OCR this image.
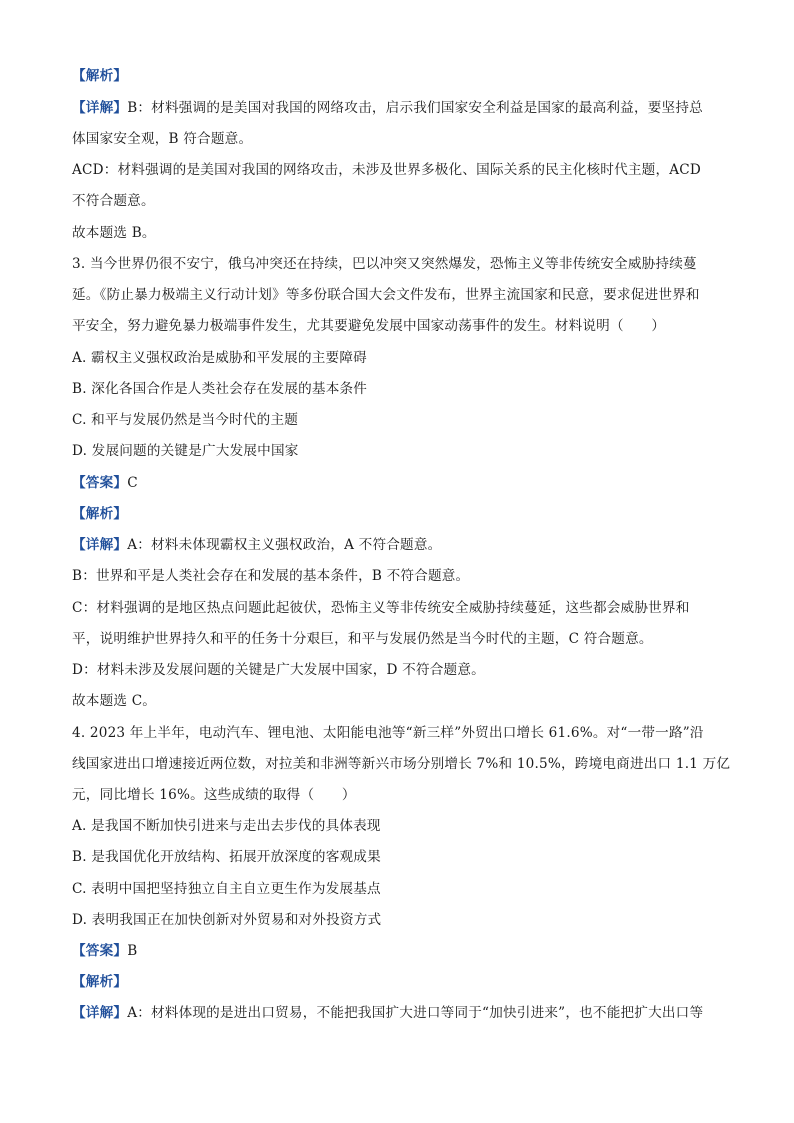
【解析】
【详解】B：材料强调的是美国对我国的网络攻击，启示我们国家安全利益是国家的最高利益，要坚持总
体国家安全观，B 符合题意。
ACD：材料强调的是美国对我国的网络攻击，未涉及世界多极化、国际关系的民主化核时代主题，ACD
不符合题意。
故本题选 B。
3. 当今世界仍很不安宁，俄乌冲突还在持续，巴以冲突又突然爆发，恐怖主义等非传统安全威胁持续蔓
延。《防止暴力极端主义行动计划》等多份联合国大会文件发布，世界主流国家和民意，要求促进世界和
平安全，努力避免暴力极端事件发生，尤其要避免发展中国家动荡事件的发生。材料说明（　　）
A. 霸权主义强权政治是威胁和平发展的主要障碍
B. 深化各国合作是人类社会存在发展的基本条件
C. 和平与发展仍然是当今时代的主题
D. 发展问题的关键是广大发展中国家
【答案】C
【解析】
【详解】A：材料未体现霸权主义强权政治，A 不符合题意。
B：世界和平是人类社会存在和发展的基本条件，B 不符合题意。
C：材料强调的是地区热点问题此起彼伏，恐怖主义等非传统安全威胁持续蔓延，这些都会威胁世界和
平，说明维护世界持久和平的任务十分艰巨，和平与发展仍然是当今时代的主题，C 符合题意。
D：材料未涉及发展问题的关键是广大发展中国家，D 不符合题意。
故本题选 C。
4. 2023 年上半年，电动汽车、锂电池、太阳能电池等“新三样”外贸出口增长 61.6%。对“一带一路”沿
线国家进出口增速接近两位数，对拉美和非洲等新兴市场分别增长 7%和 10.5%，跨境电商进出口 1.1 万亿
元，同比增长 16%。这些成绩的取得（　　）
A. 是我国不断加快引进来与走出去步伐的具体表现
B. 是我国优化开放结构、拓展开放深度的客观成果
C. 表明中国把坚持独立自主自立更生作为发展基点
D. 表明我国正在加快创新对外贸易和对外投资方式
【答案】B
【解析】
【详解】A：材料体现的是进出口贸易，不能把我国扩大进口等同于“加快引进来”，也不能把扩大出口等
